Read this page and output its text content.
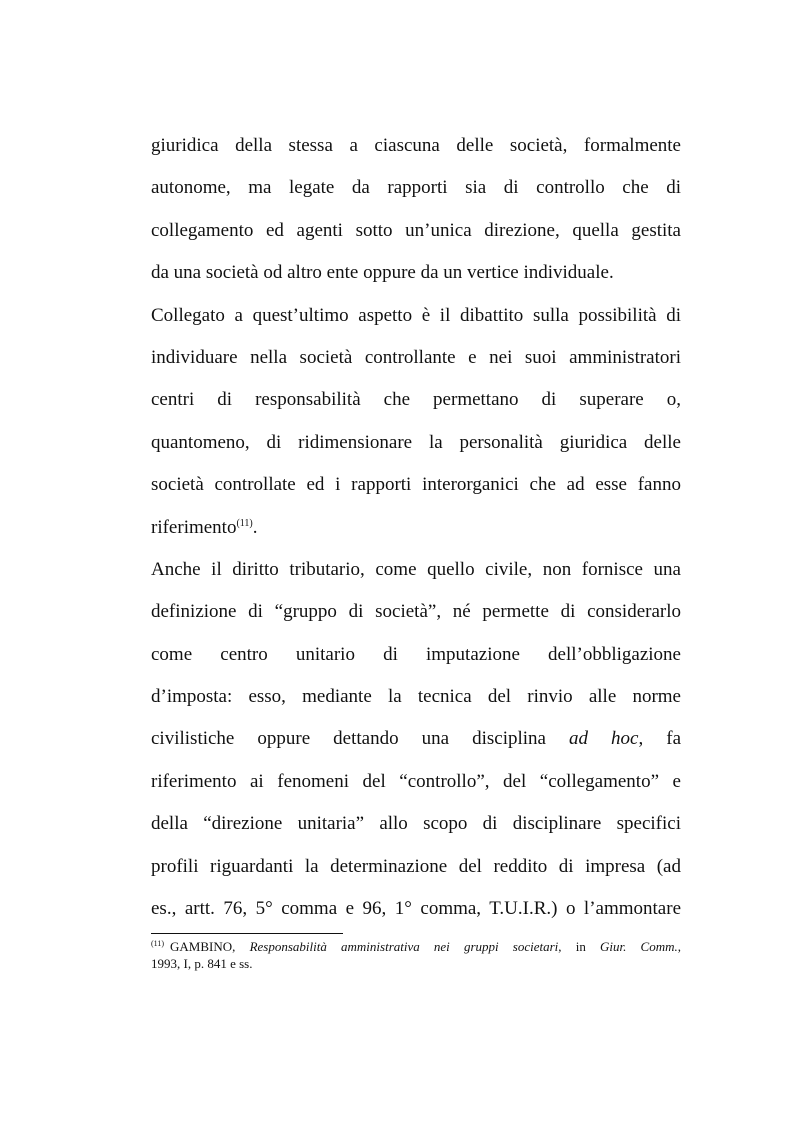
giuridica della stessa a ciascuna delle società, formalmente
autonome, ma legate da rapporti sia di controllo che di
collegamento ed agenti sotto un’unica direzione, quella gestita
da una società od altro ente oppure da un vertice individuale.
Collegato a quest’ultimo aspetto è il dibattito sulla possibilità di
individuare nella società controllante e nei suoi amministratori
centri di responsabilità che permettano di superare o,
quantomeno, di ridimensionare la personalità giuridica delle
società controllate ed i rapporti interorganici che ad esse fanno
riferimento$^{(11)}$.
Anche il diritto tributario, come quello civile, non fornisce una
definizione di “gruppo di società”, né permette di considerarlo
come centro unitario di imputazione dell’obbligazione
d’imposta: esso, mediante la tecnica del rinvio alle norme
civilistiche oppure dettando una disciplina ad hoc, fa
riferimento ai fenomeni del “controllo”, del “collegamento” e
della “direzione unitaria” allo scopo di disciplinare specifici
profili riguardanti la determinazione del reddito di impresa (ad
es., artt. 76, 5° comma e 96, 1° comma, T.U.I.R.) o l’ammontare
$^{(11)}$ GAMBINO, Responsabilità amministrativa nei gruppi societari, in Giur. Comm.,
1993, I, p. 841 e ss.
